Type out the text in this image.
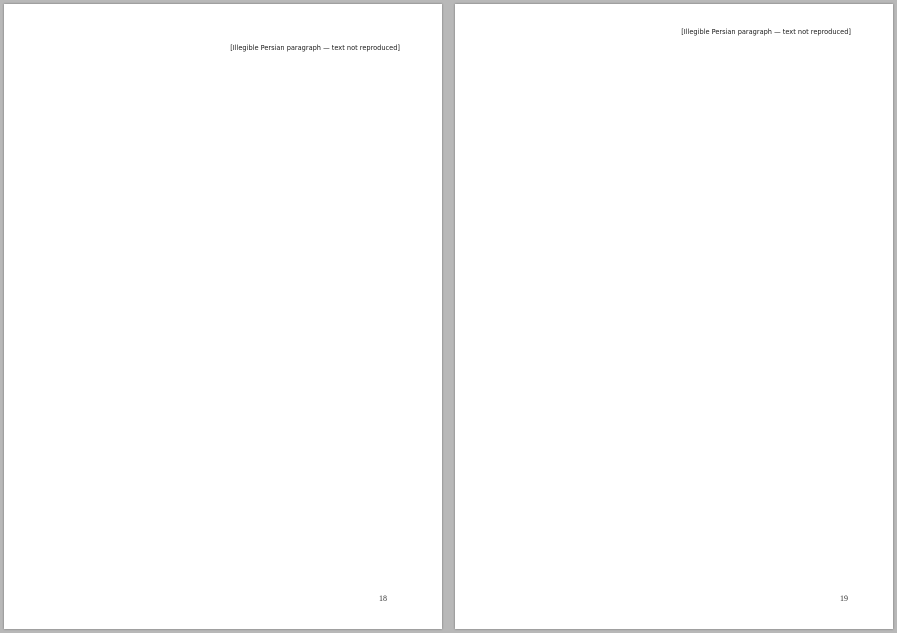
[Illegible Persian paragraph — text not reproduced]

18

[Illegible Persian paragraph — text not reproduced]

19
